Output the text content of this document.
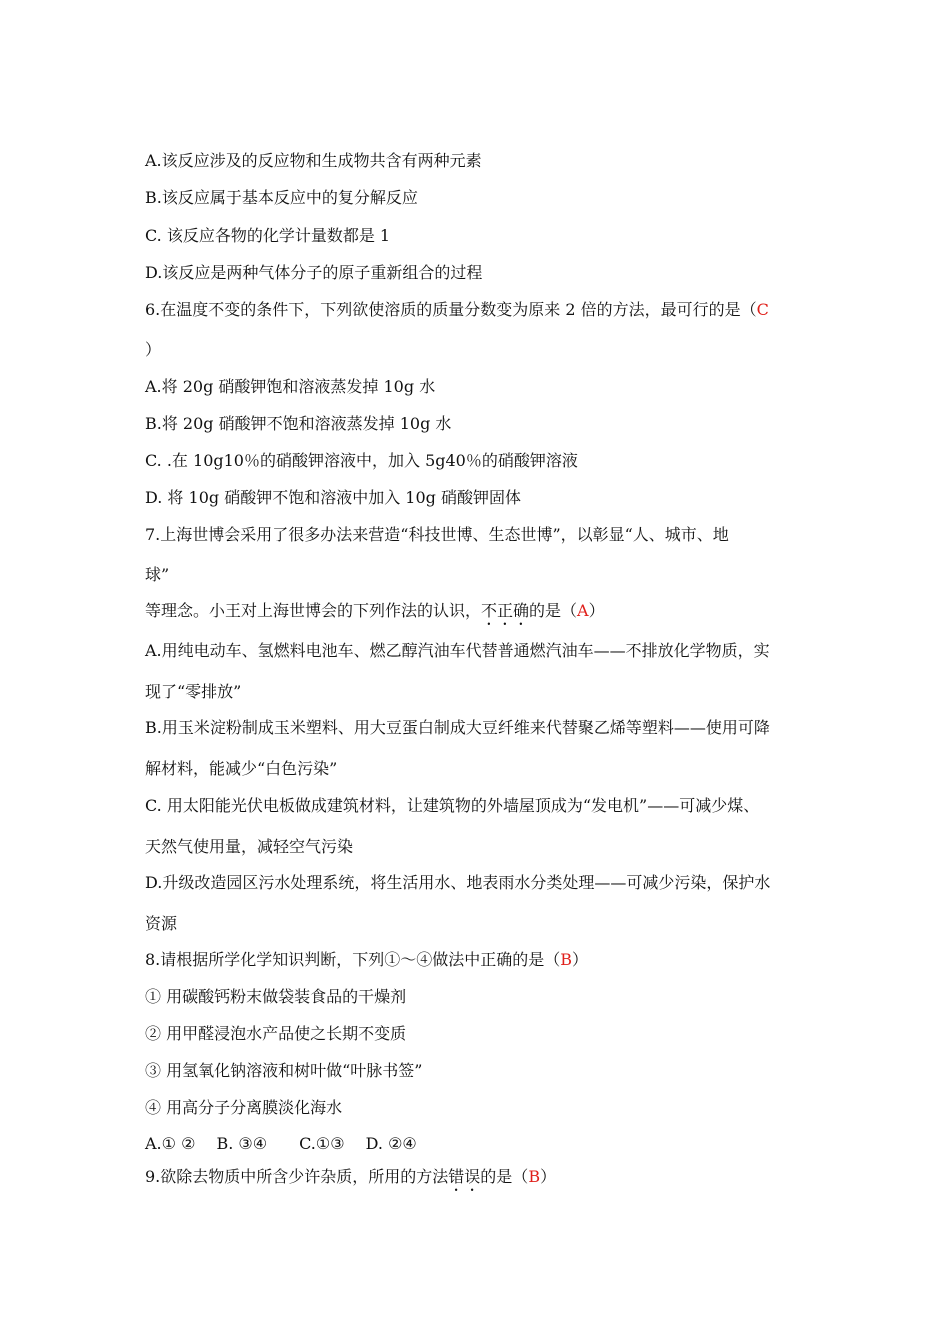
A.该反应涉及的反应物和生成物共含有两种元素
B.该反应属于基本反应中的复分解反应
C. 该反应各物的化学计量数都是 1
D.该反应是两种气体分子的原子重新组合的过程
6.在温度不变的条件下，下列欲使溶质的质量分数变为原来 2 倍的方法，最可行的是（C
）
A.将 20g 硝酸钾饱和溶液蒸发掉 10g 水
B.将 20g 硝酸钾不饱和溶液蒸发掉 10g 水
C. .在 10g10％的硝酸钾溶液中，加入 5g40％的硝酸钾溶液
D. 将 10g 硝酸钾不饱和溶液中加入 10g 硝酸钾固体
7.上海世博会采用了很多办法来营造“科技世博、生态世博”，以彰显“人、城市、地
球”
等理念。小王对上海世博会的下列作法的认识，不正确的是（A）
A.用纯电动车、氢燃料电池车、燃乙醇汽油车代替普通燃汽油车——不排放化学物质，实
现了“零排放”
B.用玉米淀粉制成玉米塑料、用大豆蛋白制成大豆纤维来代替聚乙烯等塑料——使用可降
解材料，能减少“白色污染”
C. 用太阳能光伏电板做成建筑材料，让建筑物的外墙屋顶成为“发电机”——可减少煤、
天然气使用量，减轻空气污染
D.升级改造园区污水处理系统，将生活用水、地表雨水分类处理——可减少污染，保护水
资源
8.请根据所学化学知识判断，下列①～④做法中正确的是（B）
① 用碳酸钙粉末做袋装食品的干燥剂
② 用甲醛浸泡水产品使之长期不变质
③ 用氢氧化钠溶液和树叶做“叶脉书签”
④ 用高分子分离膜淡化海水
A.① ②　 B. ③④　　C.①③　 D. ②④
9.欲除去物质中所含少许杂质，所用的方法错误的是（B）
